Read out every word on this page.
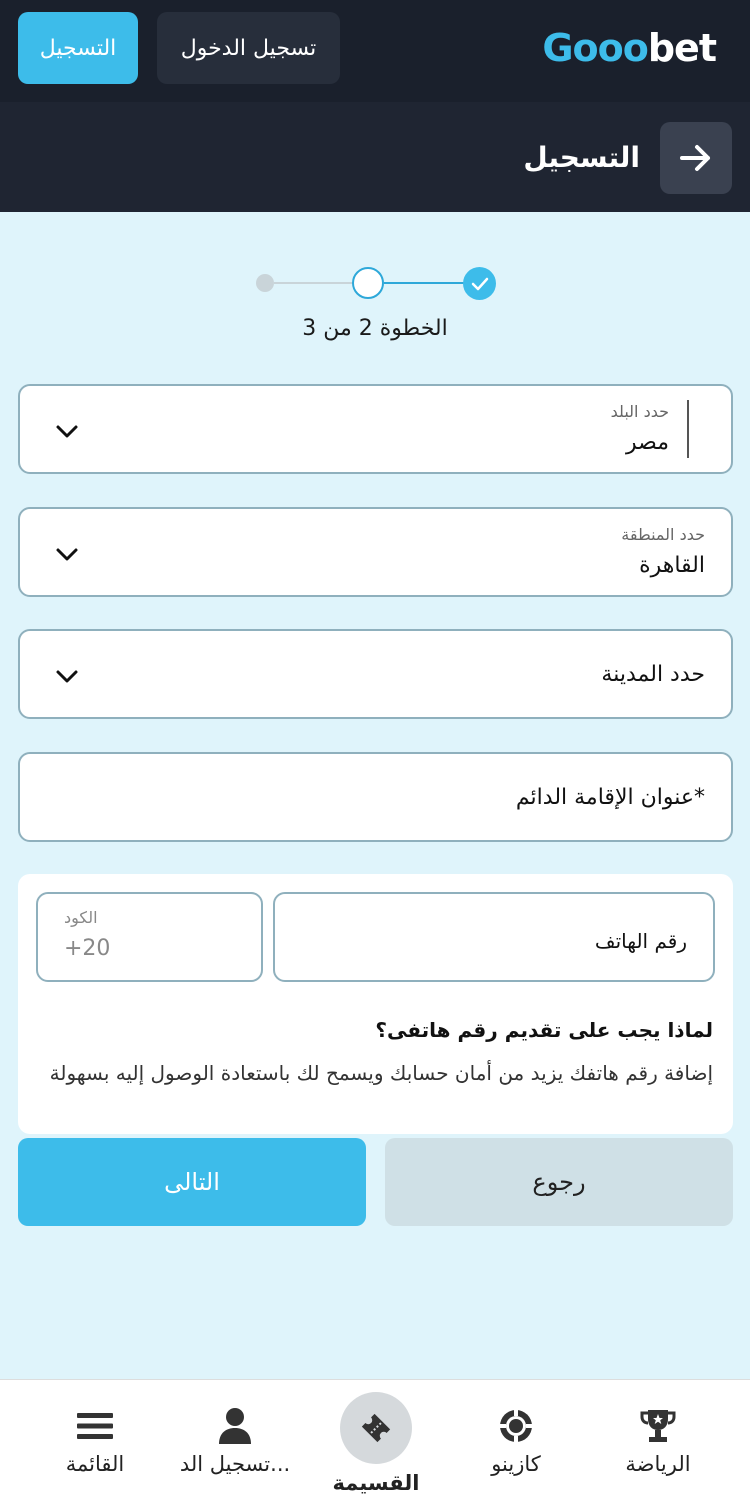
التسجيل	تسجيل الدخول	Gooo bet
التسجيل
الخطوة 2 من 3
حدد البلد
مصر
حدد المنطقة
القاهرة
حدد المدينة
عنوان الإقامة الدائم*
رقم الهاتف
الكود
+20
لماذا يجب على تقديم رقم هاتفى؟
إضافة رقم هاتفك يزيد من أمان حسابك ويسمح لك باستعادة الوصول إليه بسهولة
التالى	رجوع
القائمة	تسجيل الد...
القسيمة
كازينو	الرياضة
